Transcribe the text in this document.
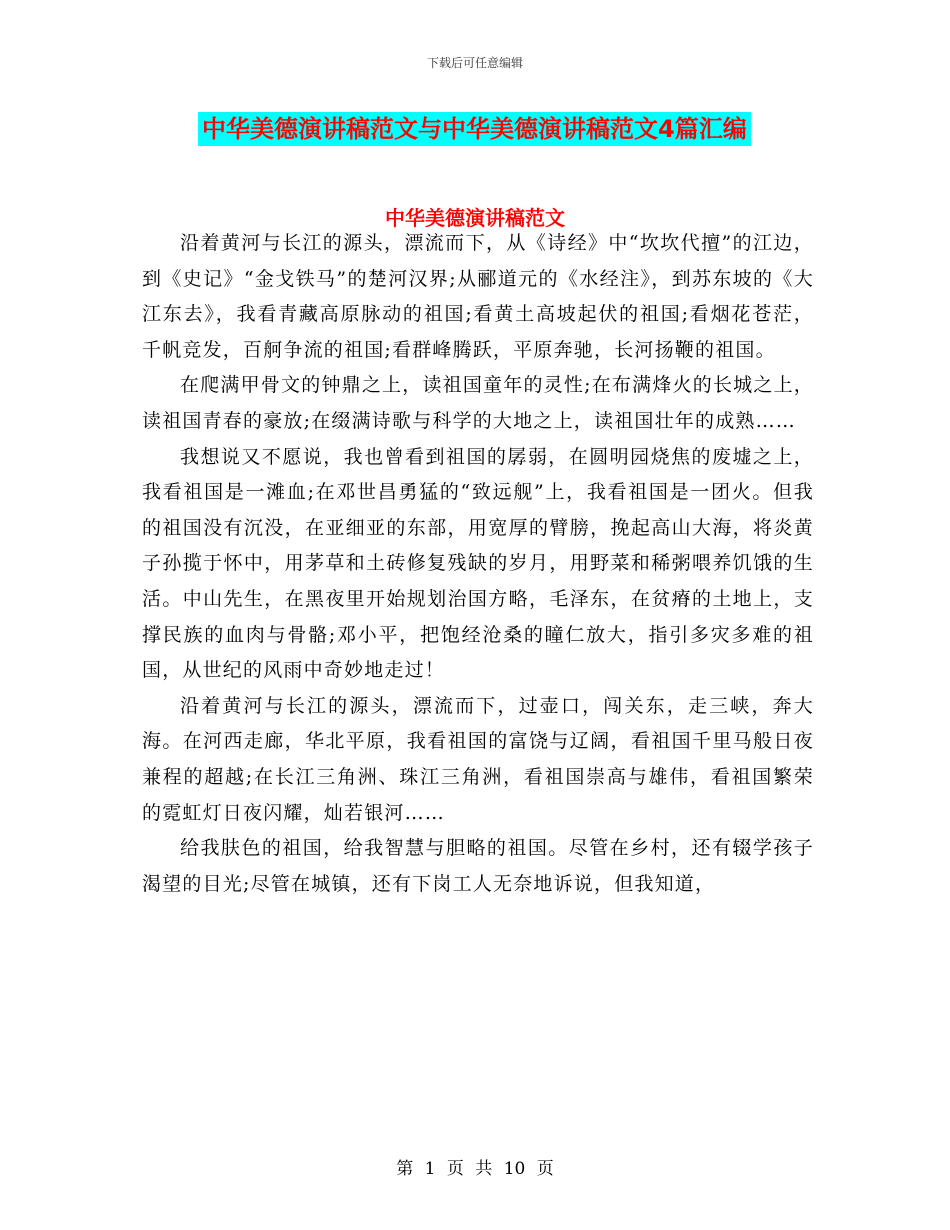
下载后可任意编辑
中华美德演讲稿范文与中华美德演讲稿范文4篇汇编
中华美德演讲稿范文

沿着黄河与长江的源头，漂流而下，从《诗经》中“坎坎代擅”的江边，到《史记》“金戈铁马”的楚河汉界;从郦道元的《水经注》，到苏东坡的《大江东去》，我看青藏高原脉动的祖国;看黄土高坡起伏的祖国;看烟花苍茫，千帆竞发，百舸争流的祖国;看群峰腾跃，平原奔驰，长河扬鞭的祖国。

在爬满甲骨文的钟鼎之上，读祖国童年的灵性;在布满烽火的长城之上，读祖国青春的豪放;在缀满诗歌与科学的大地之上，读祖国壮年的成熟……

我想说又不愿说，我也曾看到祖国的孱弱，在圆明园烧焦的废墟之上，我看祖国是一滩血;在邓世昌勇猛的“致远舰”上，我看祖国是一团火。但我的祖国没有沉没，在亚细亚的东部，用宽厚的臂膀，挽起高山大海，将炎黄子孙揽于怀中，用茅草和土砖修复残缺的岁月，用野菜和稀粥喂养饥饿的生活。中山先生，在黑夜里开始规划治国方略，毛泽东，在贫瘠的土地上，支撑民族的血肉与骨骼;邓小平，把饱经沧桑的瞳仁放大，指引多灾多难的祖国，从世纪的风雨中奇妙地走过！

沿着黄河与长江的源头，漂流而下，过壶口，闯关东，走三峡，奔大海。在河西走廊，华北平原，我看祖国的富饶与辽阔，看祖国千里马般日夜兼程的超越;在长江三角洲、珠江三角洲，看祖国崇高与雄伟，看祖国繁荣的霓虹灯日夜闪耀，灿若银河……

给我肤色的祖国，给我智慧与胆略的祖国。尽管在乡村，还有辍学孩子渴望的目光;尽管在城镇，还有下岗工人无奈地诉说，但我知道，

第 1 页 共 10 页
